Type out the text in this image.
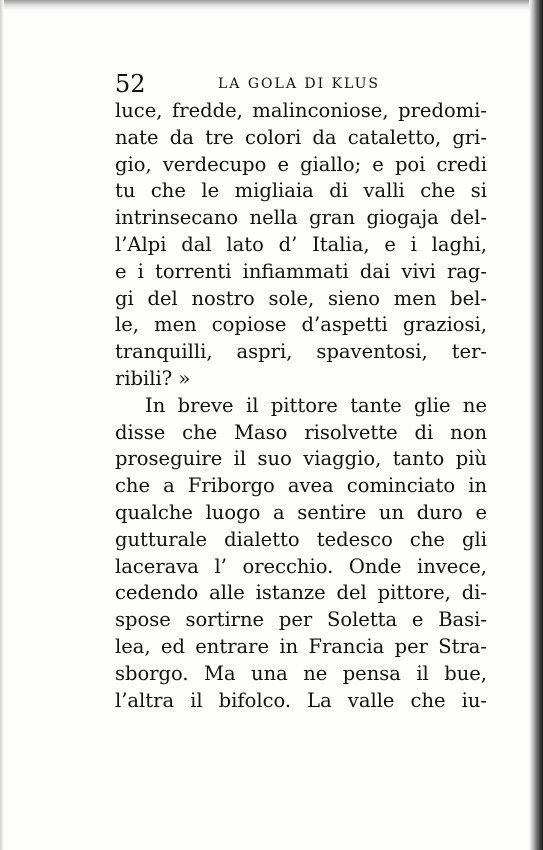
52	LA GOLA DI KLUS
luce, fredde, malinconiose, predomi-
nate da tre colori da cataletto, gri-
gio, verdecupo e giallo; e poi credi
tu che le migliaia di valli che si
intrinsecano nella gran giogaja del-
l’Alpi dal lato d’ Italia, e i laghi,
e i torrenti infiammati dai vivi rag-
gi del nostro sole, sieno men bel-
le, men copiose d’aspetti graziosi,
tranquilli, aspri, spaventosi, ter-
ribili? »
In breve il pittore tante glie ne
disse che Maso risolvette di non
proseguire il suo viaggio, tanto più
che a Friborgo avea cominciato in
qualche luogo a sentire un duro e
gutturale dialetto tedesco che gli
lacerava l’ orecchio. Onde invece,
cedendo alle istanze del pittore, di-
spose sortirne per Soletta e Basi-
lea, ed entrare in Francia per Stra-
sborgo. Ma una ne pensa il bue,
l’altra il bifolco. La valle che iu-
